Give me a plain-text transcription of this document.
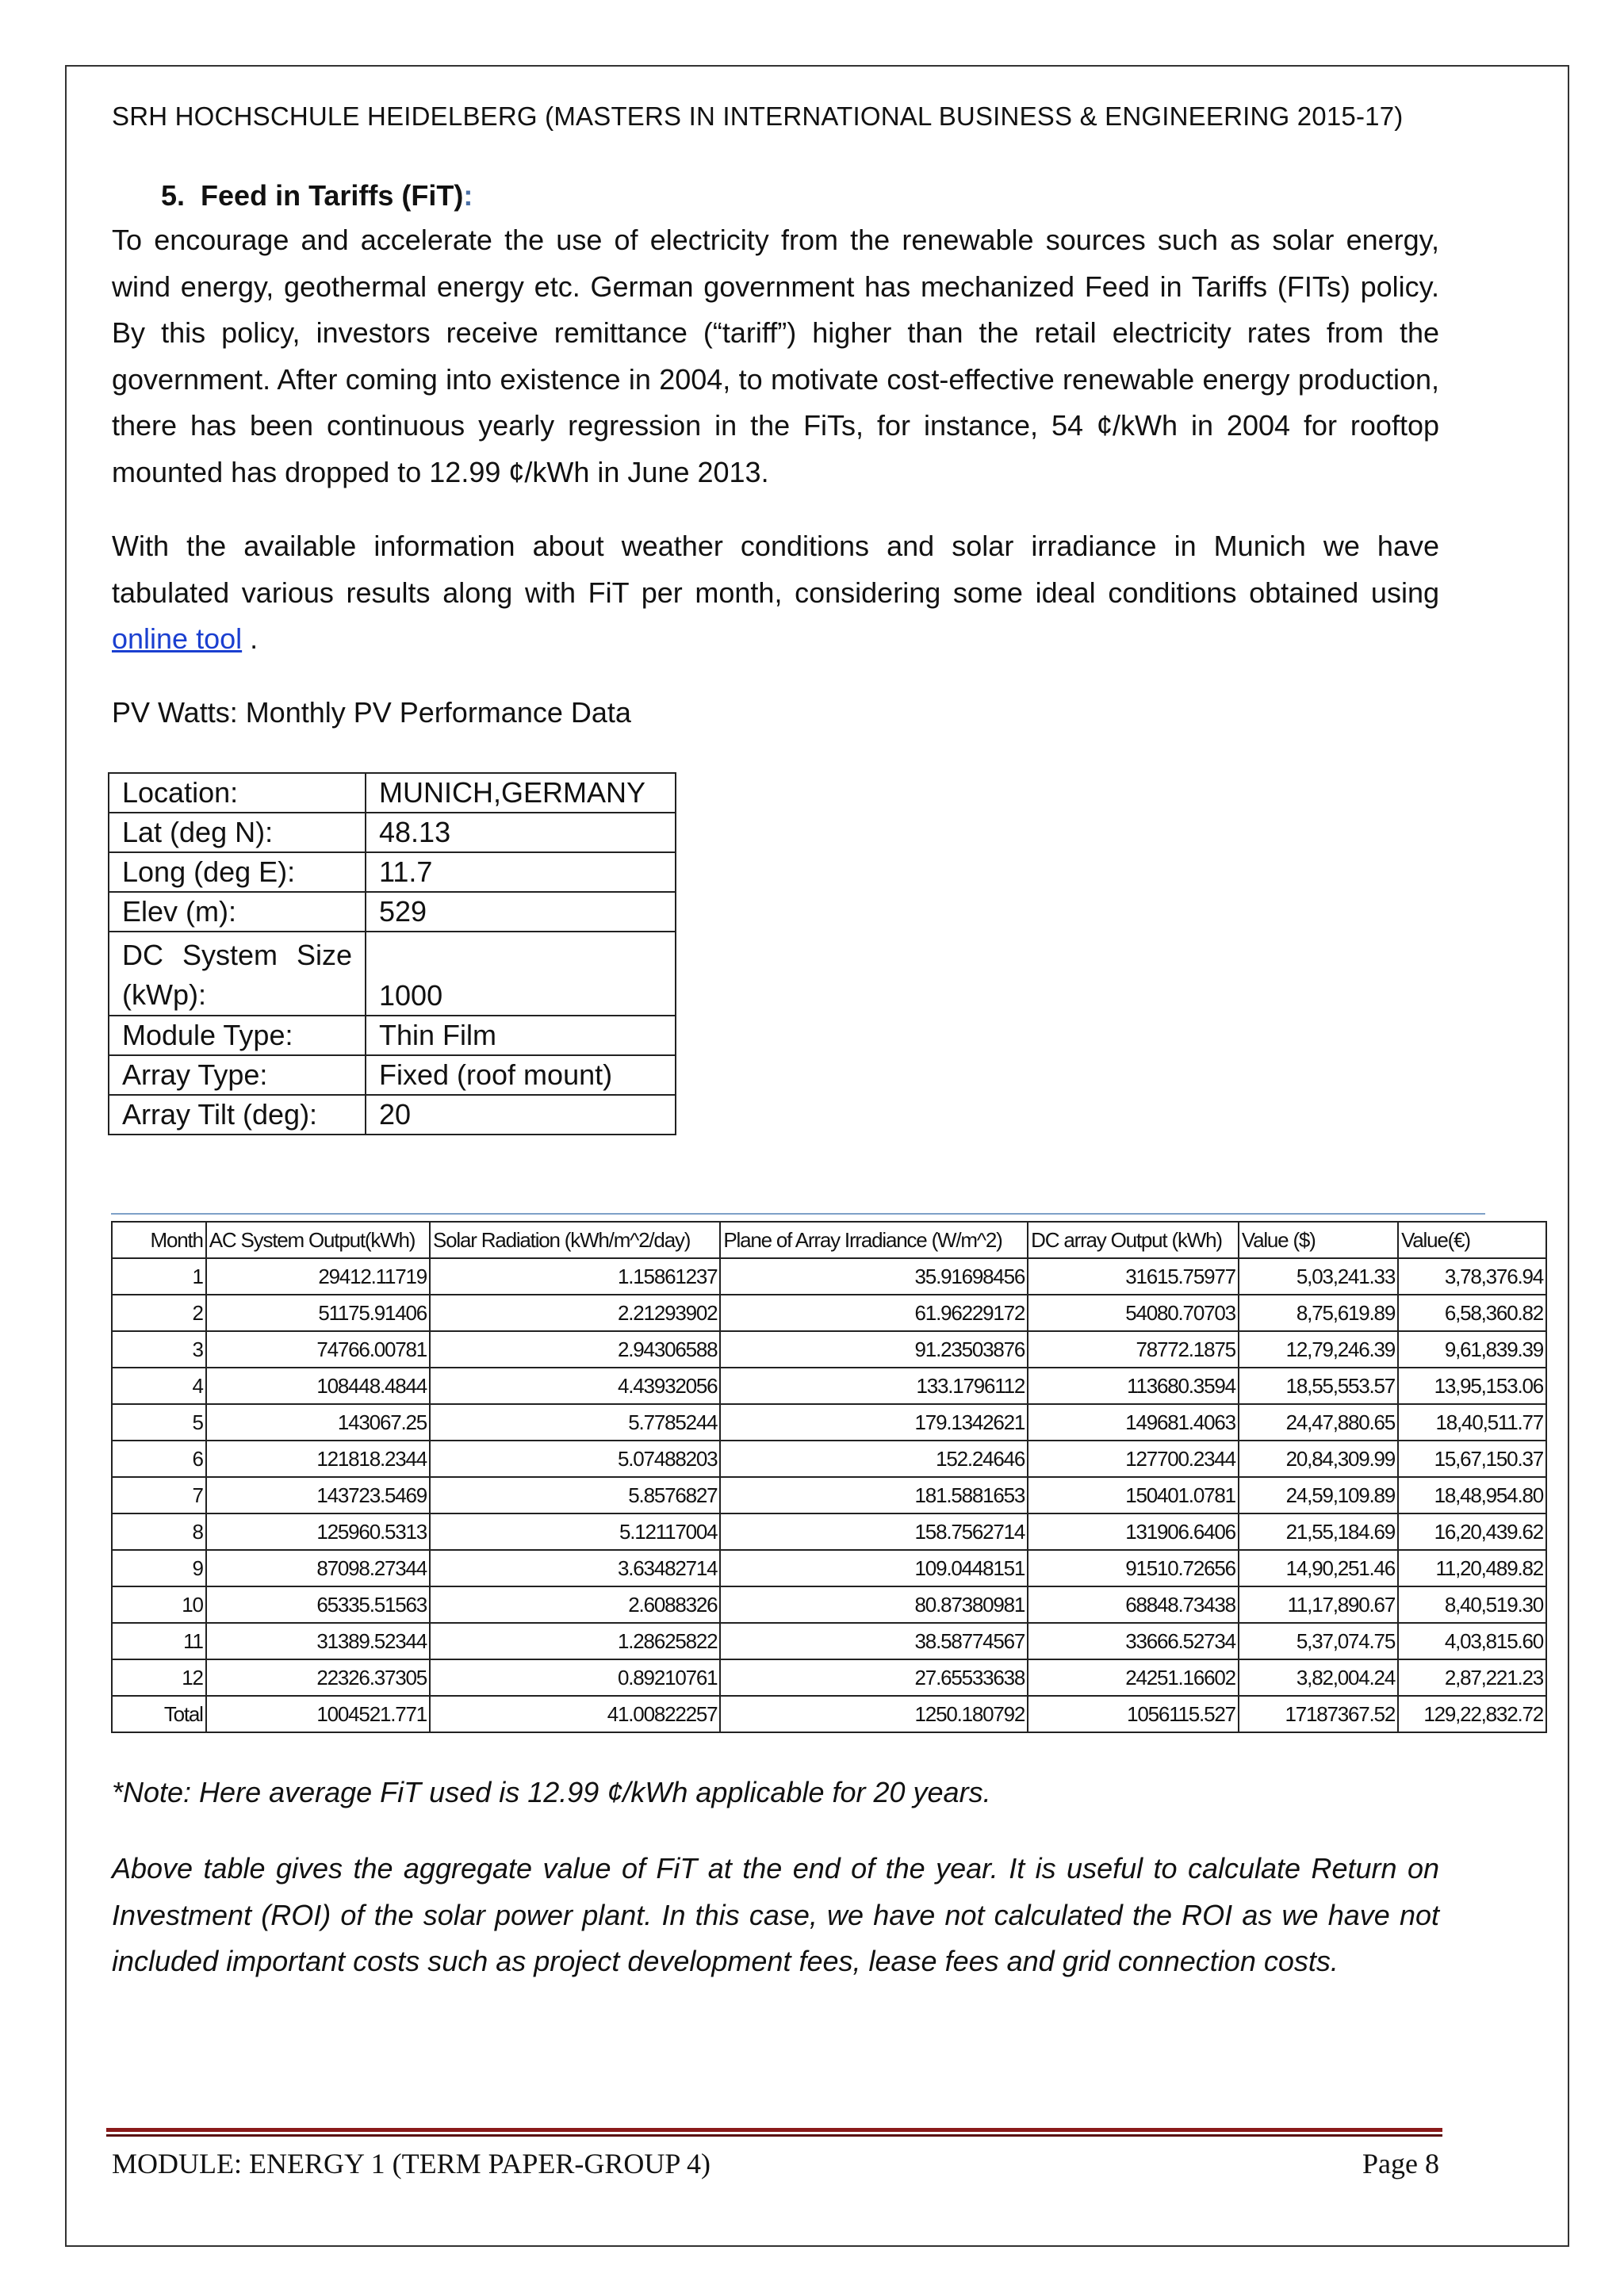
SRH HOCHSCHULE HEIDELBERG (MASTERS IN INTERNATIONAL BUSINESS & ENGINEERING 2015-17)
5. Feed in Tariffs (FiT):
To encourage and accelerate the use of electricity from the renewable sources such as solar energy, wind energy, geothermal energy etc. German government has mechanized Feed in Tariffs (FITs) policy. By this policy, investors receive remittance (“tariff”) higher than the retail electricity rates from the government. After coming into existence in 2004, to motivate cost-effective renewable energy production, there has been continuous yearly regression in the FiTs, for instance, 54 ¢/kWh in 2004 for rooftop mounted has dropped to 12.99 ¢/kWh in June 2013.
With the available information about weather conditions and solar irradiance in Munich we have tabulated various results along with FiT per month, considering some ideal conditions obtained using online tool .
PV Watts: Monthly PV Performance Data
Location:	MUNICH,GERMANY
Lat (deg N):	48.13
Long (deg E):	11.7
Elev (m):	529
DC System Size (kWp):	1000
Module Type:	Thin Film
Array Type:	Fixed (roof mount)
Array Tilt (deg):	20
Month	AC System Output(kWh)	Solar Radiation (kWh/m^2/day)	Plane of Array Irradiance (W/m^2)	DC array Output (kWh)	Value ($)	Value(€)
1	29412.11719	1.15861237	35.91698456	31615.75977	5,03,241.33	3,78,376.94
2	51175.91406	2.21293902	61.96229172	54080.70703	8,75,619.89	6,58,360.82
3	74766.00781	2.94306588	91.23503876	78772.1875	12,79,246.39	9,61,839.39
4	108448.4844	4.43932056	133.1796112	113680.3594	18,55,553.57	13,95,153.06
5	143067.25	5.7785244	179.1342621	149681.4063	24,47,880.65	18,40,511.77
6	121818.2344	5.07488203	152.24646	127700.2344	20,84,309.99	15,67,150.37
7	143723.5469	5.8576827	181.5881653	150401.0781	24,59,109.89	18,48,954.80
8	125960.5313	5.12117004	158.7562714	131906.6406	21,55,184.69	16,20,439.62
9	87098.27344	3.63482714	109.0448151	91510.72656	14,90,251.46	11,20,489.82
10	65335.51563	2.6088326	80.87380981	68848.73438	11,17,890.67	8,40,519.30
11	31389.52344	1.28625822	38.58774567	33666.52734	5,37,074.75	4,03,815.60
12	22326.37305	0.89210761	27.65533638	24251.16602	3,82,004.24	2,87,221.23
Total	1004521.771	41.00822257	1250.180792	1056115.527	17187367.52	129,22,832.72
*Note: Here average FiT used is 12.99 ¢/kWh applicable for 20 years.
Above table gives the aggregate value of FiT at the end of the year. It is useful to calculate Return on Investment (ROI) of the solar power plant. In this case, we have not calculated the ROI as we have not included important costs such as project development fees, lease fees and grid connection costs.
MODULE: ENERGY 1 (TERM PAPER-GROUP 4)	Page 8
